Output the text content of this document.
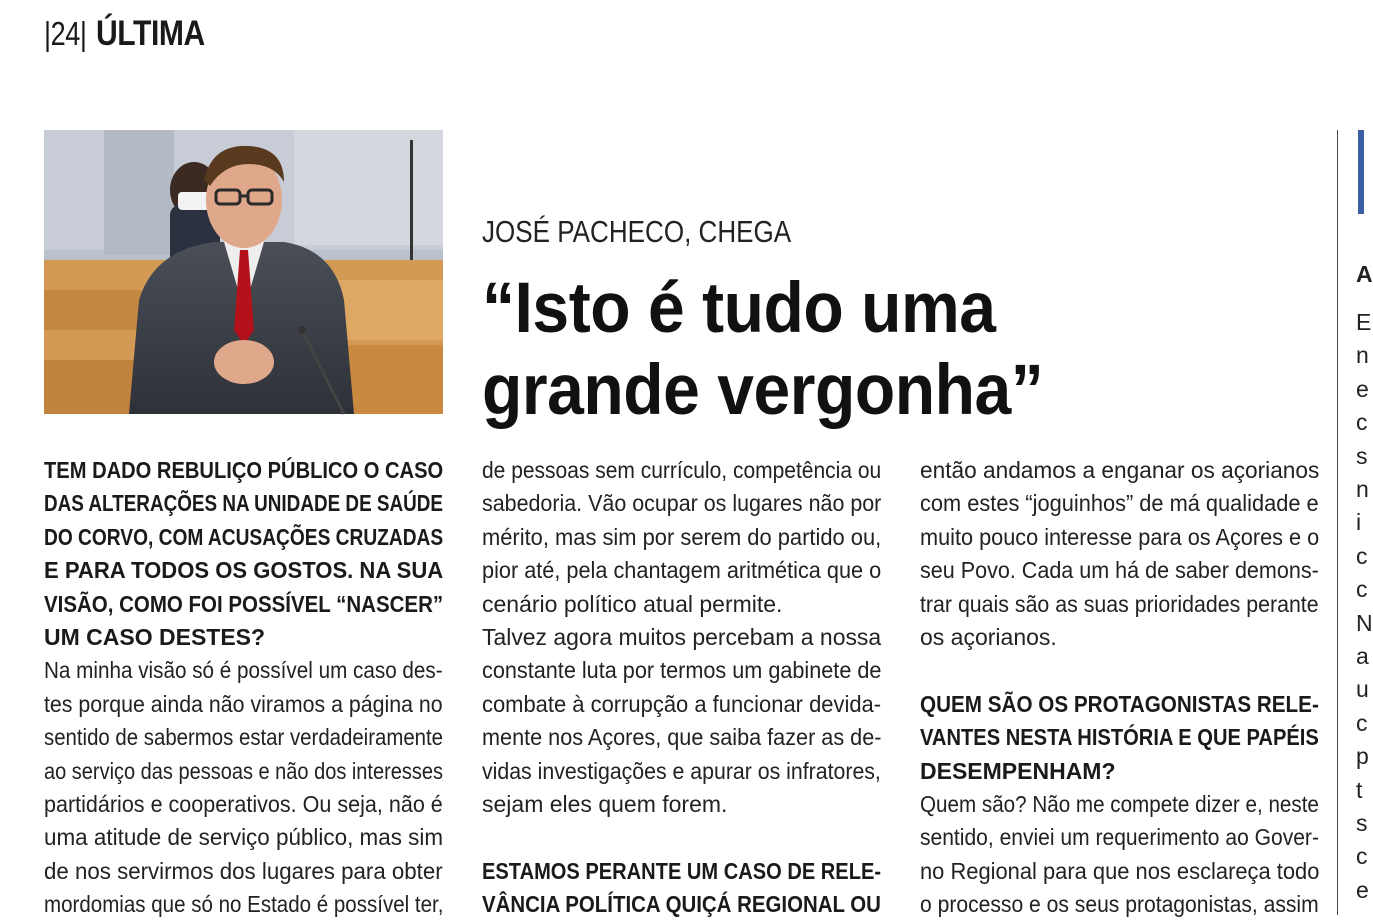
|24| ÚLTIMA
JOSÉ PACHECO, CHEGA
“Isto é tudo uma
grande vergonha”
TEM DADO REBULIÇO PÚBLICO O CASO
DAS ALTERAÇÕES NA UNIDADE DE SAÚDE
DO CORVO, COM ACUSAÇÕES CRUZADAS
E PARA TODOS OS GOSTOS. NA SUA
VISÃO, COMO FOI POSSÍVEL “NASCER”
UM CASO DESTES?
Na minha visão só é possível um caso des-
tes porque ainda não viramos a página no
sentido de sabermos estar verdadeiramente
ao serviço das pessoas e não dos interesses
partidários e cooperativos. Ou seja, não é
uma atitude de serviço público, mas sim
de nos servirmos dos lugares para obter
mordomias que só no Estado é possível ter,
de pessoas sem currículo, competência ou
sabedoria. Vão ocupar os lugares não por
mérito, mas sim por serem do partido ou,
pior até, pela chantagem aritmética que o
cenário político atual permite.
Talvez agora muitos percebam a nossa
constante luta por termos um gabinete de
combate à corrupção a funcionar devida-
mente nos Açores, que saiba fazer as de-
vidas investigações e apurar os infratores,
sejam eles quem forem.

ESTAMOS PERANTE UM CASO DE RELE-
VÂNCIA POLÍTICA QUIÇÁ REGIONAL OU
então andamos a enganar os açorianos
com estes “joguinhos” de má qualidade e
muito pouco interesse para os Açores e o
seu Povo. Cada um há de saber demons-
trar quais são as suas prioridades perante
os açorianos.

QUEM SÃO OS PROTAGONISTAS RELE-
VANTES NESTA HISTÓRIA E QUE PAPÉIS
DESEMPENHAM?
Quem são? Não me compete dizer e, neste
sentido, enviei um requerimento ao Gover-
no Regional para que nos esclareça todo
o processo e os seus protagonistas, assim
A
E
n
e
c
s
n
i
c
c
N
a
u
c
p
t
s
c
e
